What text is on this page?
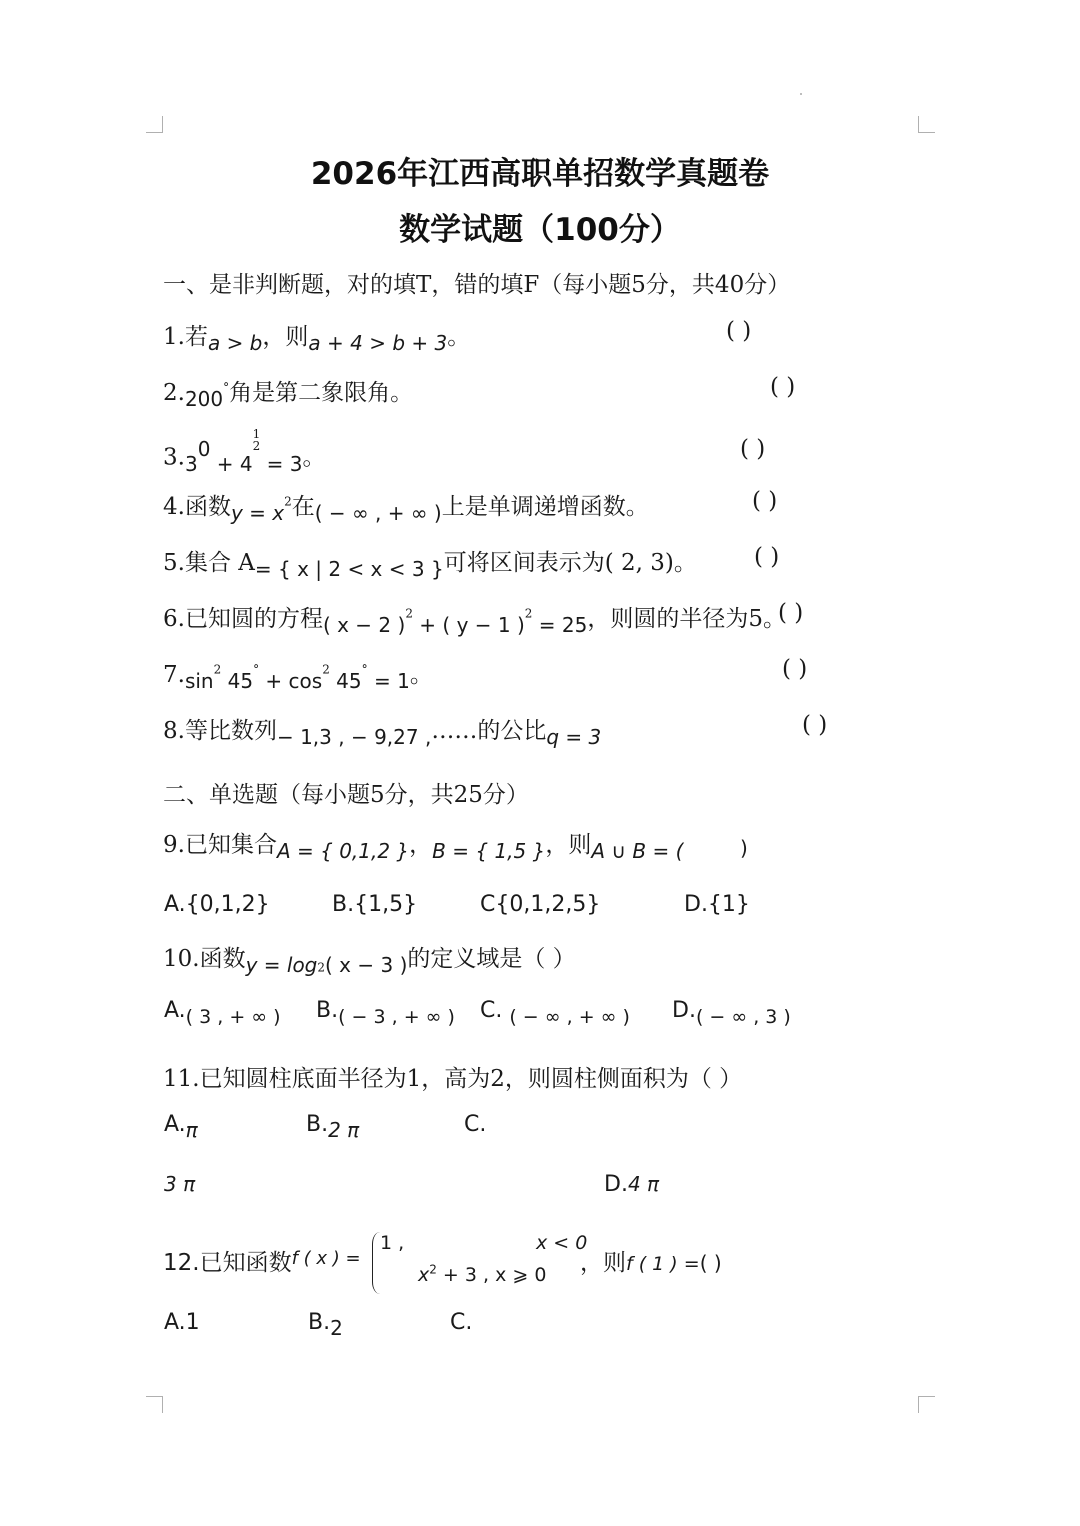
2026年江西高职单招数学真题卷
数学试题（100分）
一、是非判断题，对的填T，错的填F（每小题5分，共40分）
1.若a > b，则a + 4 > b + 3。	( )
2.200°角是第二象限角。	( )
$3.3^0 + 4$
1
2
= 3。	( )
4.函数$y = x^2$在( − ∞ , + ∞ )上是单调递增函数。	( )
5.集合 A= { x | 2 < x < 3 }可将区间表示为( 2, 3)。 ( )
6.已知圆的方程( x − 2 )$^2$ + ( y − 1 )$^2$ = 25，则圆的半径为5。
( )
$7.\sin^2$ $45^\circ + \cos^2 45^\circ = 1$。	( )
8.等比数列− 1,3 , − 9,27 ,……的公比q = 3	( )
二、单选题（每小题5分，共25分）
9.已知集合A = { 0,1,2 }，B = { 1,5 }，则A ∪ B = (	)
A.{0,1,2}	B.{1,5}	C{0,1,2,5}	D.{1}
10.函数$y = \log_2$( x − 3 )的定义域是（ ）
A.( 3 , + ∞ ) B.( − 3 , + ∞ ) C. ( − ∞ , + ∞ ) D.( − ∞ , 3 )
11.已知圆柱底面半径为1，高为2，则圆柱侧面积为（ ）
A.π	B.2 π	C.
3 π	D.4 π
12.已知函数$^{f ( x ) =}$
1 ,	x < 0
$x^2 + 3$ , x ⩾ 0 ，则f ( 1 ) =( )
A.1	B.2	C.
